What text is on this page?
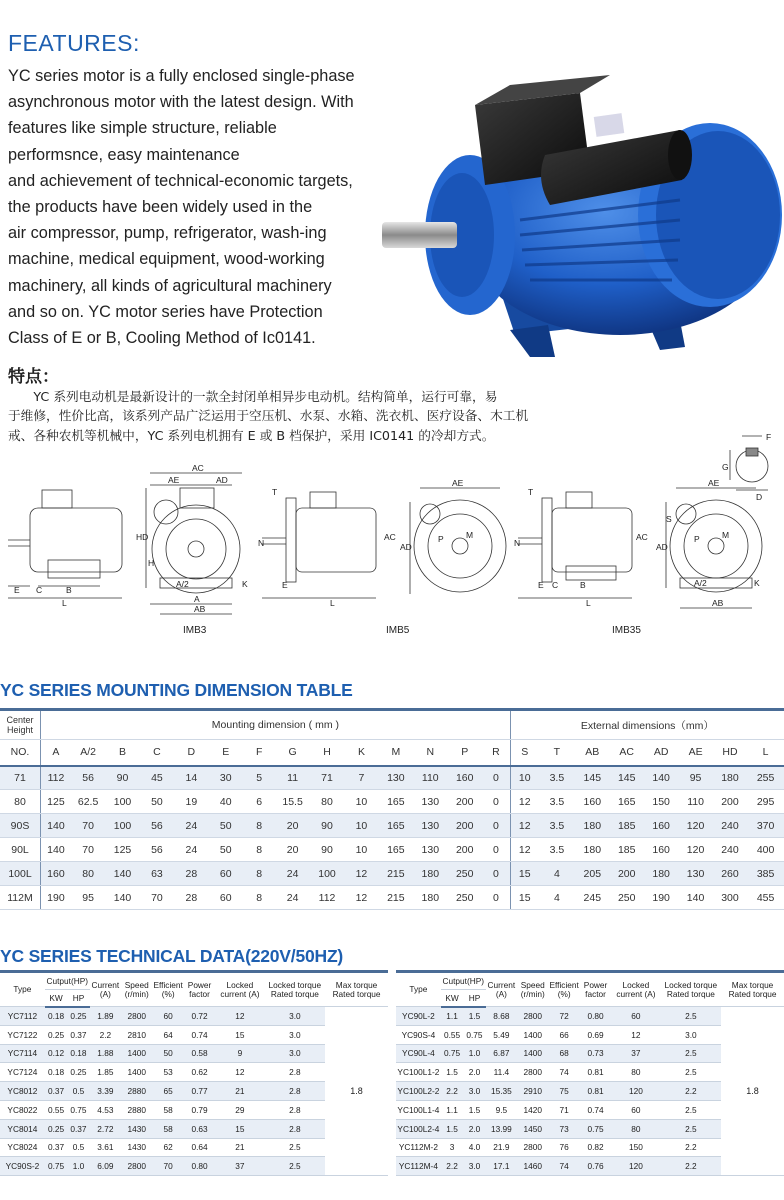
FEATURES:
YC series motor is a fully enclosed single-phase
asynchronous motor with the latest design. With
features like simple structure, reliable
performsnce, easy maintenance
and achievement of technical-economic targets,
the products have been widely used in the
air compressor, pump, refrigerator, wash-ing
machine, medical equipment, wood-working
machinery, all kinds of agricultural machinery
and so on. YC motor series have Protection
Class of E or B, Cooling Method of Ic0141.
特点：
　　YC 系列电动机是最新设计的一款全封闭单相异步电动机。结构简单，运行可靠，易
于维修，性价比高，该系列产品广泛运用于空压机、水泵、水箱、洗衣机、医疗设备、木工机
戒、各种农机等机械中，YC 系列电机拥有 E 或 B 档保护，采用 IC0141 的冷却方式。
E C	B
L
AC
AE	AD
HD
H
A/2	K
A
AB
IMB3
T
N
E
L
AC
AE
AD
P	M
IMB5
T
N
E C	B
L
AC
AE
AD
S
P	M
A/2	K
AB
F
G
D
IMB35
YC SERIES MOUNTING DIMENSION TABLE
Center Height	Mounting dimension ( mm )														External dimensions（mm）							
NO.	A	A/2	B	C	D	E	F	G	H	K	M	N	P	R	S	T	AB	AC	AD	AE	HD	L
71	112	56	90	45	14	30	5	11	71	7	130	110	160	0	10	3.5	145	145	140	95	180	255
80	125	62.5	100	50	19	40	6	15.5	80	10	165	130	200	0	12	3.5	160	165	150	110	200	295
90S	140	70	100	56	24	50	8	20	90	10	165	130	200	0	12	3.5	180	185	160	120	240	370
90L	140	70	125	56	24	50	8	20	90	10	165	130	200	0	12	3.5	180	185	160	120	240	400
100L	160	80	140	63	28	60	8	24	100	12	215	180	250	0	15	4	205	200	180	130	260	385
112M	190	95	140	70	28	60	8	24	112	12	215	180	250	0	15	4	245	250	190	140	300	455
YC SERIES TECHNICAL DATA(220V/50HZ)
Type	Cutput(HP)		Current (A)	Speed (r/min)	Efficient (%)	Power factor	Locked current (A)	Locked torque Rated torque	Max torque Rated torque
	KW	HP							
YC7112	0.18	0.25	1.89	2800	60	0.72	12	3.0	1.8
YC7122	0.25	0.37	2.2	2810	64	0.74	15	3.0	
YC7114	0.12	0.18	1.88	1400	50	0.58	9	3.0	
YC7124	0.18	0.25	1.85	1400	53	0.62	12	2.8	
YC8012	0.37	0.5	3.39	2880	65	0.77	21	2.8	
YC8022	0.55	0.75	4.53	2880	58	0.79	29	2.8	
YC8014	0.25	0.37	2.72	1430	58	0.63	15	2.8	
YC8024	0.37	0.5	3.61	1430	62	0.64	21	2.5	
YC90S-2	0.75	1.0	6.09	2800	70	0.80	37	2.5	
Type	Cutput(HP)		Current (A)	Speed (r/min)	Efficient (%)	Power factor	Locked current (A)	Locked torque Rated torque	Max torque Rated torque
	KW	HP							
YC90L-2	1.1	1.5	8.68	2800	72	0.80	60	2.5	1.8
YC90S-4	0.55	0.75	5.49	1400	66	0.69	12	3.0	
YC90L-4	0.75	1.0	6.87	1400	68	0.73	37	2.5	
YC100L1-2	1.5	2.0	11.4	2800	74	0.81	80	2.5	
YC100L2-2	2.2	3.0	15.35	2910	75	0.81	120	2.2	
YC100L1-4	1.1	1.5	9.5	1420	71	0.74	60	2.5	
YC100L2-4	1.5	2.0	13.99	1450	73	0.75	80	2.5	
YC112M-2	3	4.0	21.9	2800	76	0.82	150	2.2	
YC112M-4	2.2	3.0	17.1	1460	74	0.76	120	2.2	
